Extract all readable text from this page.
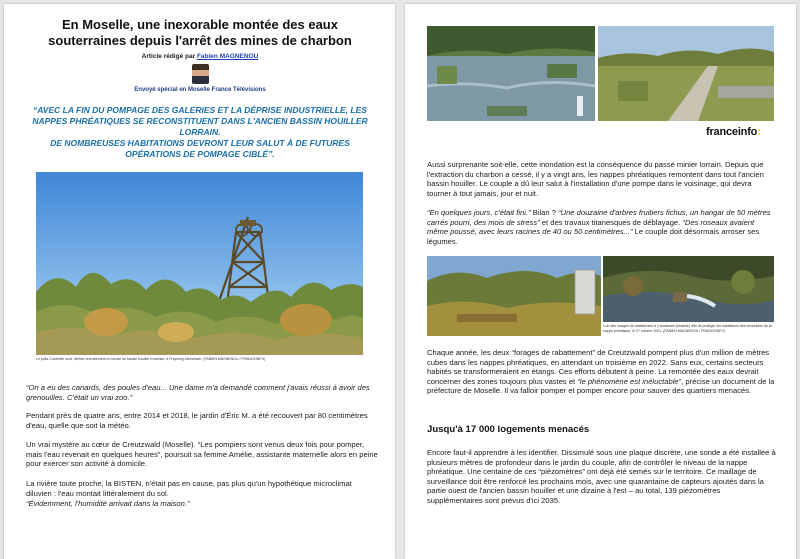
En Moselle, une inexorable montée des eaux souterraines depuis l'arrêt des mines de charbon
Article rédigé par Fabien MAGNENOU
Envoyé spécial en Moselle France Télévisions
“AVEC LA FIN DU POMPAGE DES GALERIES ET LA DÉPRISE INDUSTRIELLE, LES NAPPES PHRÉATIQUES SE RECONSTITUENT DANS L'ANCIEN BASSIN HOUILLER LORRAIN.
DE NOMBREUSES HABITATIONS DEVRONT LEUR SALUT À DE FUTURES OPÉRATIONS DE POMPAGE CIBLÉ”.
Le puits Cuvelette nord, dernier chevalement en lorrain du bassin houiller mosellan, à Freyming-Merlebach. (FABIEN MAGNENOU / FRANCEINFO)
“On a eu des canards, des poules d'eau... Une dame m'a demandé comment j'avais réussi à avoir des grenouilles. C'était un vrai zoo.”
Pendant près de quatre ans, entre 2014 et 2018, le jardin d'Éric M. a été recouvert par 80 centimètres d'eau, quelle que soit la météo.
Un vrai mystère au cœur de Creutzwald (Moselle). “Les pompiers sont venus deux fois pour pomper, mais l'eau revenait en quelques heures”, poursuit sa femme Amélie, assistante maternelle alors en peine pour exercer son activité à domicile.
La rivière toute proche, la BISTEN, n'était pas en cause, pas plus qu'un hypothétique microclimat diluvien : l'eau montait littéralement du sol.
“Évidemment, l'humidité arrivait dans la maison.”
franceinfo:
Aussi surprenante soit-elle, cette inondation est la conséquence du passé minier lorrain. Depuis que l'extraction du charbon a cessé, il y a vingt ans, les nappes phréatiques remontent dans tout l'ancien bassin houiller. Le couple a dû leur salut à l'installation d'une pompe dans le voisinage, qui devra tourner à tout jamais, jour et nuit.
“En quelques jours, c'était fini.” Bilan ? “Une douzaine d'arbres fruitiers fichus, un hangar de 50 mètres carrés pourri, des mois de stress” et des travaux titanesques de déblayage. “Des roseaux avaient même poussé, avec leurs racines de 40 ou 50 centimètres...” Le couple doit désormais arroser ses légumes.
L'un des forages de rabattement à Creutzwald (Moselle) afin de protéger les habitations des remontées de la nappe phréatique, le 27 octobre 2021. (FABIEN MAGNENOU / FRANCEINFO)
Chaque année, les deux “forages de rabattement” de Creutzwald pompent plus d'un million de mètres cubes dans les nappes phréatiques, en attendant un troisième en 2022. Sans eux, certains secteurs habités se transformeraient en étangs. Ces efforts débutent à peine. La remontée des eaux devrait concerner des zones toujours plus vastes et “le phénomène est inéluctable”, précise un document de la préfecture de Moselle. Il va falloir pomper et pomper encore pour sauver des quartiers menacés.
Jusqu'à 17 000 logements menacés
Encore faut-il apprendre à les identifier. Dissimulé sous une plaque discrète, une sonde a été installée à plusieurs mètres de profondeur dans le jardin du couple, afin de contrôler le niveau de la nappe phréatique. Une centaine de ces “piézomètres” ont déjà été semés sur le territoire. Ce maillage de surveillance doit être renforcé les prochains mois, avec une quarantaine de capteurs ajoutés dans la partie ouest de l'ancien bassin houiller et une dizaine à l'est – au total, 139 piézomètres supplémentaires sont prévus d'ici 2035.
